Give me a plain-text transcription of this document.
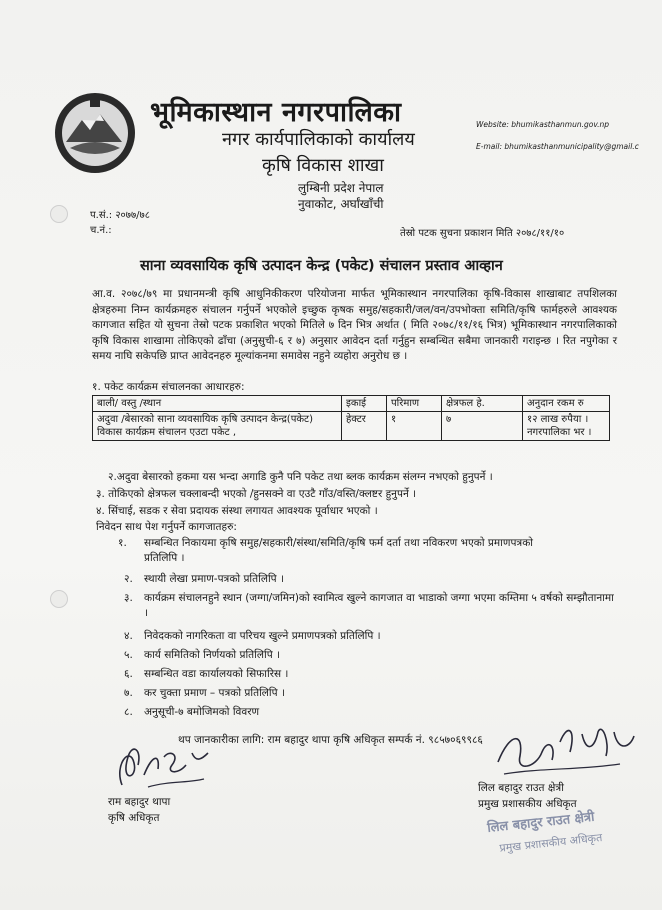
भूमिकास्थान नगरपालिका
नगर कार्यपालिकाको कार्यालय
कृषि विकास शाखा
लुम्बिनी प्रदेश नेपाल
नुवाकोट, अर्घांखाँची
Website: bhumikasthanmun.gov.np
E-mail: bhumikasthanmunicipality@gmail.c
प.सं.: २०७७/७८
च.नं.:	तेस्रो पटक सुचना प्रकाशन मिति २०७८/११/१०
साना व्यवसायिक कृषि उत्पादन केन्द्र (पकेट) संचालन प्रस्ताव आव्हान
आ.व. २०७८/७९ मा प्रधानमन्त्री कृषि आधुनिकीकरण परियोजना मार्फत भूमिकास्थान नगरपालिका कृषि-विकास शाखाबाट तपशिलका क्षेत्रहरुमा निम्न कार्यक्रमहरु संचालन गर्नुपर्ने भएकोले इच्छुक कृषक समुह/सहकारी/जल/वन/उपभोक्ता समिति/कृषि फार्महरुले आवश्यक कागजात सहित यो सुचना तेस्रो पटक प्रकाशित भएको मितिले ७ दिन भित्र अर्थात ( मिति २०७८/११/१६ भित्र) भूमिकास्थान नगरपालिकाको कृषि विकास शाखामा तोकिएको ढाँचा (अनुसुची-६ र ७) अनुसार आवेदन दर्ता गर्नुहुन सम्बन्धित सबैमा जानकारी गराइन्छ । रित नपुगेका र समय नाघि सकेपछि प्राप्त आवेदनहरु मूल्यांकनमा समावेस नहुने व्यहोरा अनुरोध छ ।
१. पकेट कार्यक्रम संचालनका आधारहरु:
बाली/ वस्तु /स्थान	इकाई	परिमाण	क्षेत्रफल हे.	अनुदान रकम रु
अदुवा /बेसारको साना व्यवसायिक कृषि उत्पादन केन्द्र(पकेट) विकास कार्यक्रम संचालन एउटा पकेट ,	हेक्टर	१	७	१२ लाख रुपैया । नगरपालिका भर ।
२.अदुवा बेसारको हकमा यस भन्दा अगाडि कुनै पनि पकेट तथा ब्लक कार्यक्रम संलग्न नभएको हुनुपर्ने ।
३. तोकिएको क्षेत्रफल चक्लाबन्दी भएको /हुनसक्ने वा एउटै गाँउ/वस्ति/क्लष्टर हुनुपर्ने ।
४. सिंचाई, सडक र सेवा प्रदायक संस्था लगायत आवश्यक पूर्वाधार भएको ।
निवेदन साथ पेश गर्नुपर्ने कागजातहरु:
१. सम्बन्धित निकायमा कृषि समुह/सहकारी/संस्था/समिति/कृषि फर्म दर्ता तथा नविकरण भएको प्रमाणपत्रको प्रतिलिपि ।
२. स्थायी लेखा प्रमाण-पत्रको प्रतिलिपि ।
३. कार्यक्रम संचालनहुने स्थान (जग्गा/जमिन)को स्वामित्व खुल्ने कागजात वा भाडाको जग्गा भएमा कम्तिमा ५ वर्षको सम्झौतानामा ।
४. निवेदकको नागरिकता वा परिचय खुल्ने प्रमाणपत्रको प्रतिलिपि ।
५. कार्य समितिको निर्णयको प्रतिलिपि ।
६. सम्बन्धित वडा कार्यालयको सिफारिस ।
७. कर चुक्ता प्रमाण – पत्रको प्रतिलिपि ।
८. अनुसूची-७ बमोजिमको विवरण
थप जानकारीका लागि: राम बहादुर थापा कृषि अधिकृत सम्पर्क नं. ९८५७०६९९८६
राम बहादुर थापा
कृषि अधिकृत
लिल बहादुर राउत क्षेत्री
प्रमुख प्रशासकीय अधिकृत
लिल बहादुर राउत क्षेत्री
प्रमुख प्रशासकीय अधिकृत
